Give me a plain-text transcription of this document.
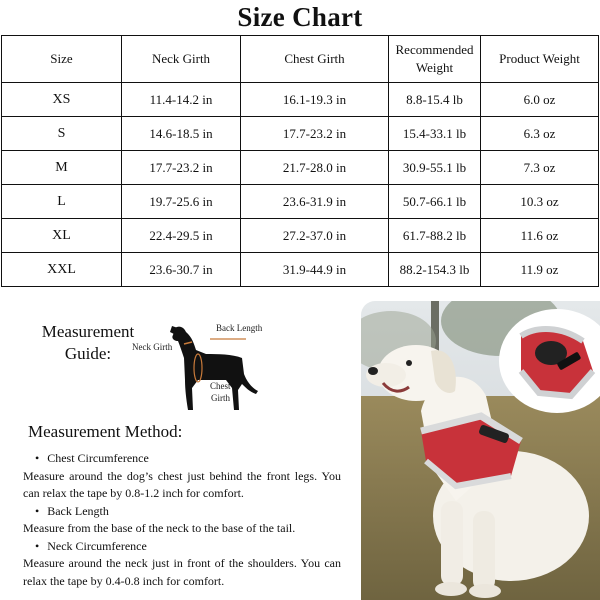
Size Chart
Size	Neck Girth	Chest Girth	Recommended Weight	Product Weight
XS	11.4-14.2 in	16.1-19.3 in	8.8-15.4 lb	6.0 oz
S	14.6-18.5 in	17.7-23.2 in	15.4-33.1 lb	6.3 oz
M	17.7-23.2 in	21.7-28.0 in	30.9-55.1 lb	7.3 oz
L	19.7-25.6 in	23.6-31.9 in	50.7-66.1 lb	10.3 oz
XL	22.4-29.5 in	27.2-37.0 in	61.7-88.2 lb	11.6 oz
XXL	23.6-30.7 in	31.9-44.9 in	88.2-154.3 lb	11.9 oz
Measurement
Guide:
Back Length
Neck Girth
Chest
Girth
Measurement Method:
• Chest Circumference
Measure around the dog’s chest just behind the front legs. You can relax the tape by 0.8-1.2 inch for comfort.
• Back Length
Measure from the base of the neck to the base of the tail.
• Neck Circumference
Measure around the neck just in front of the shoulders. You can relax the tape by 0.4-0.8 inch for comfort.
